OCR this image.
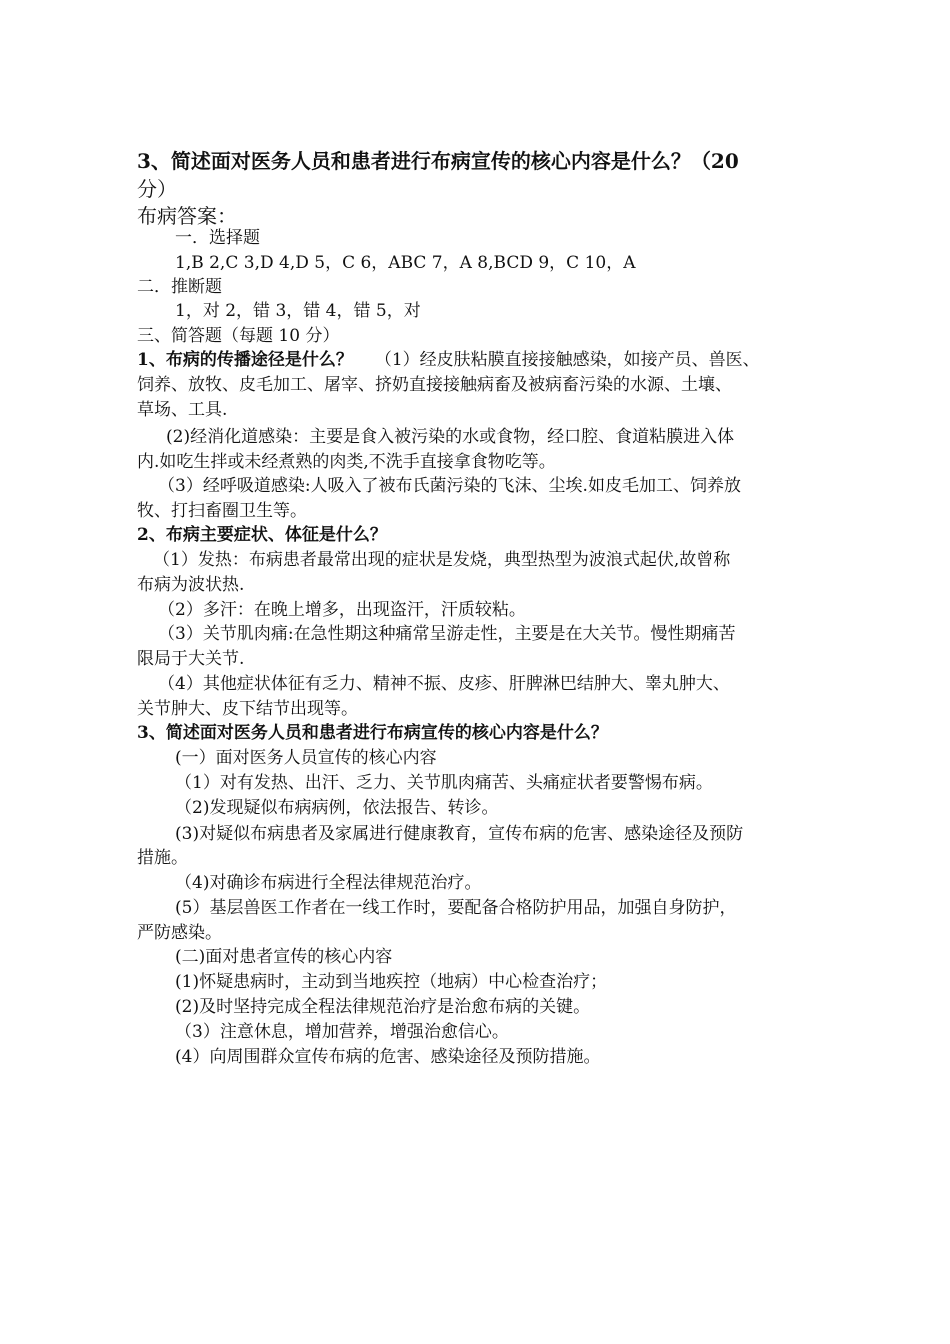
3、简述面对医务人员和患者进行布病宣传的核心内容是什么？（20
分）
布病答案：
一．选择题
1,B 2,C 3,D 4,D 5，C 6，ABC 7，A 8,BCD 9，C 10，A
二．推断题
1，对 2，错 3，错 4，错 5，对
三、简答题（每题 10 分）
1、布病的传播途径是什么？ （1）经皮肤粘膜直接接触感染，如接产员、兽医、
饲养、放牧、皮毛加工、屠宰、挤奶直接接触病畜及被病畜污染的水源、土壤、
草场、工具.
(2)经消化道感染：主要是食入被污染的水或食物，经口腔、食道粘膜进入体
内.如吃生拌或未经煮熟的肉类,不洗手直接拿食物吃等。
（3）经呼吸道感染:人吸入了被布氏菌污染的飞沫、尘埃.如皮毛加工、饲养放
牧、打扫畜圈卫生等。
2、布病主要症状、体征是什么？
（1）发热：布病患者最常出现的症状是发烧，典型热型为波浪式起伏,故曾称
布病为波状热.
（2）多汗：在晚上增多，出现盗汗，汗质较粘。
（3）关节肌肉痛:在急性期这种痛常呈游走性，主要是在大关节。慢性期痛苦
限局于大关节.
（4）其他症状体征有乏力、精神不振、皮疹、肝脾淋巴结肿大、睾丸肿大、
关节肿大、皮下结节出现等。
3、简述面对医务人员和患者进行布病宣传的核心内容是什么？
(一）面对医务人员宣传的核心内容
（1）对有发热、出汗、乏力、关节肌肉痛苦、头痛症状者要警惕布病。
（2)发现疑似布病病例，依法报告、转诊。
(3)对疑似布病患者及家属进行健康教育，宣传布病的危害、感染途径及预防
措施。
（4)对确诊布病进行全程法律规范治疗。
(5）基层兽医工作者在一线工作时，要配备合格防护用品，加强自身防护，
严防感染。
(二)面对患者宣传的核心内容
(1)怀疑患病时，主动到当地疾控（地病）中心检查治疗；
(2)及时坚持完成全程法律规范治疗是治愈布病的关键。
（3）注意休息，增加营养，增强治愈信心。
(4）向周围群众宣传布病的危害、感染途径及预防措施。
